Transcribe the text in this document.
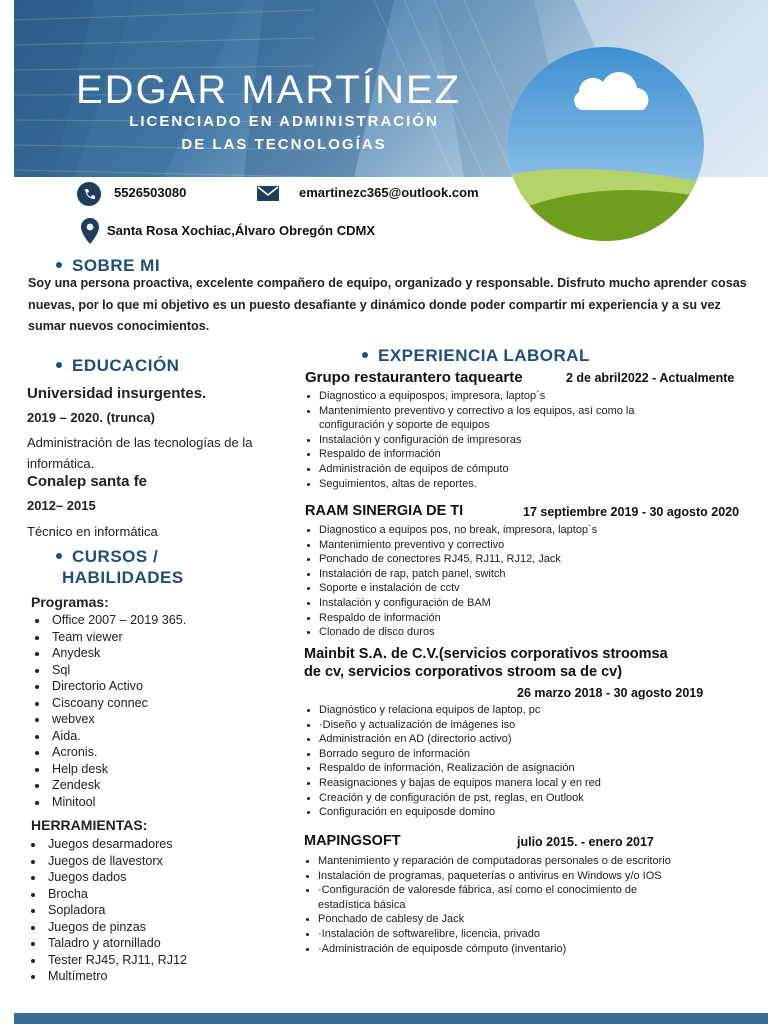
EDGAR MARTÍNEZ
LICENCIADO EN ADMINISTRACIÓN
DE LAS TECNOLOGÍAS
5526503080	emartinezc365@outlook.com
Santa Rosa Xochiac,Álvaro Obregón CDMX
SOBRE MI
Soy una persona proactiva, excelente compañero de equipo, organizado y responsable. Disfruto mucho aprender cosas nuevas, por lo que mi objetivo es un puesto desafiante y dinámico donde poder compartir mi experiencia y a su vez sumar nuevos conocimientos.
EDUCACIÓN
Universidad insurgentes.
2019 – 2020. (trunca)
Administración de las tecnologías de la
informática.
Conalep santa fe
2012– 2015
Técnico en informática
CURSOS /
HABILIDADES
Programas:
Office 2007 – 2019 365.
Team viewer
Anydesk
Sql
Directorio Activo
Ciscoany connec
webvex
Aida.
Acronis.
Help desk
Zendesk
Minitool
HERRAMIENTAS:
Juegos desarmadores
Juegos de llavestorx
Juegos dados
Brocha
Sopladora
Juegos de pinzas
Taladro y atornillado
Tester RJ45, RJ11, RJ12
Multímetro
EXPERIENCIA LABORAL
Grupo restaurantero taquearte	2 de abril2022 - Actualmente
Diagnostico a equipospos, impresora, laptop´s
Mantenimiento preventivo y correctivo a los equipos, así como la
configuración y soporte de equipos
Instalación y configuración de impresoras
Respaldo de información
Administración de equipos de cómputo
Seguimientos, altas de reportes.
RAAM SINERGIA DE TI	17 septiembre 2019 - 30 agosto 2020
Diagnostico a equipos pos, no break, impresora, laptop´s
Mantenimiento preventivo y correctivo
Ponchado de conectores RJ45, RJ11, RJ12, Jack
Instalación de rap, patch panel, switch
Soporte e instalación de cctv
Instalación y configuración de BAM
Respaldo de información
Clonado de disco duros
Mainbit S.A. de C.V.(servicios corporativos stroomsa
de cv, servicios corporativos stroom sa de cv)
26 marzo 2018 - 30 agosto 2019
Diagnóstico y relaciona equipos de laptop, pc
·Diseño y actualización de imágenes iso
Administración en AD (directorio activo)
Borrado seguro de información
Respaldo de información, Realización de asignación
Reasignaciones y bajas de equipos manera local y en red
Creación y de configuración de pst, reglas, en Outlook
Configuración en equiposde domino
MAPINGSOFT	julio 2015. - enero 2017
Mantenimiento y reparación de computadoras personales o de escritorio
Instalación de programas, paqueterías o antivirus en Windows y/o IOS
·Configuración de valoresde fábrica, así como el conocimiento de
estadística básica
Ponchado de cablesy de Jack
·Instalación de softwarelibre, licencia, privado
·Administración de equiposde cómputo (inventario)
